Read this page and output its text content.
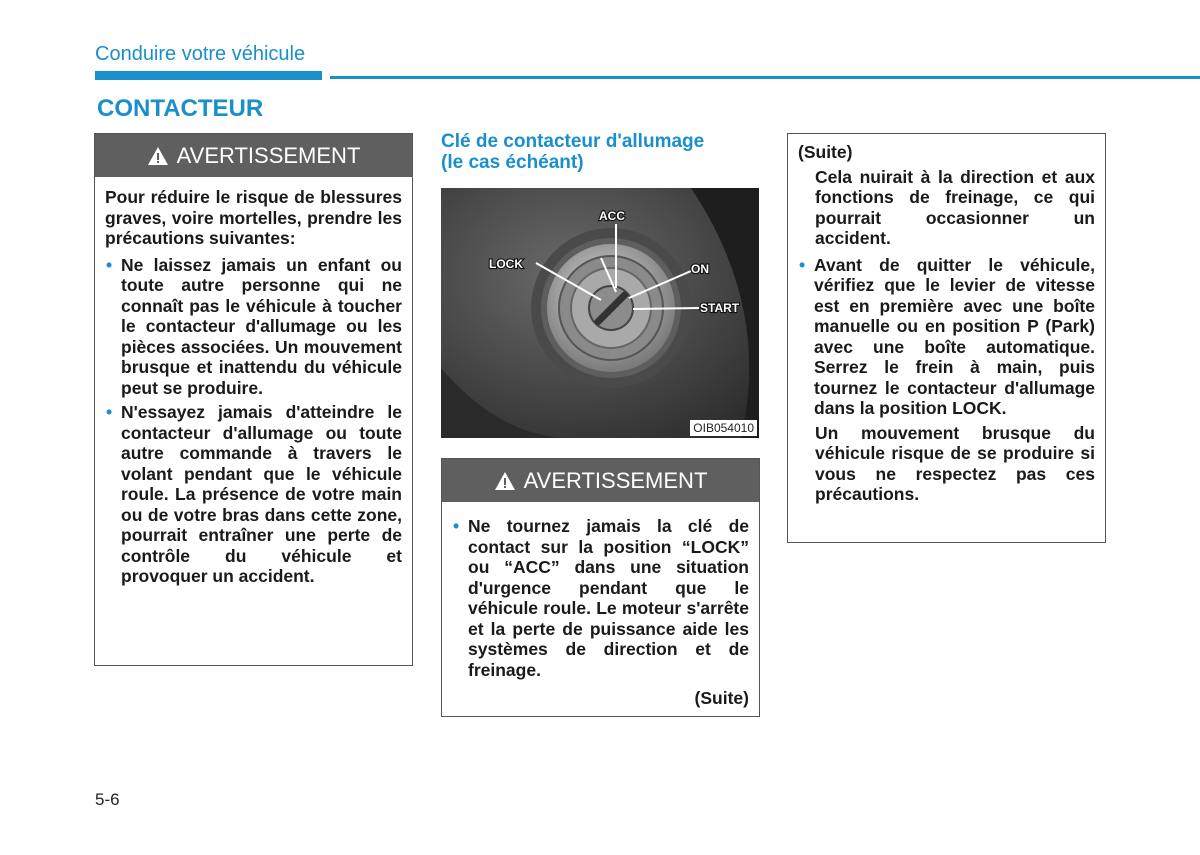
Conduire votre véhicule
CONTACTEUR
AVERTISSEMENT

Pour réduire le risque de blessures graves, voire mortelles, prendre les précautions suivantes:

• Ne laissez jamais un enfant ou toute autre personne qui ne connaît pas le véhicule à toucher le contacteur d'allumage ou les pièces associées. Un mouvement brusque et inattendu du véhicule peut se produire.
• N'essayez jamais d'atteindre le contacteur d'allumage ou toute autre commande à travers le volant pendant que le véhicule roule. La présence de votre main ou de votre bras dans cette zone, pourrait entraîner une perte de contrôle du véhicule et provoquer un accident.
Clé de contacteur d'allumage
(le cas échéant)
ACC
LOCK	ON
START
OIB054010
AVERTISSEMENT
• Ne tournez jamais la clé de contact sur la position “LOCK” ou “ACC” dans une situation d'urgence pendant que le véhicule roule. Le moteur s'arrête et la perte de puissance aide les systèmes de direction et de freinage.
(Suite)
(Suite)

Cela nuirait à la direction et aux fonctions de freinage, ce qui pourrait occasionner un accident.

• Avant de quitter le véhicule, vérifiez que le levier de vitesse est en première avec une boîte manuelle ou en position P (Park) avec une boîte automatique. Serrez le frein à main, puis tournez le contacteur d'allumage dans la position LOCK.

Un mouvement brusque du véhicule risque de se produire si vous ne respectez pas ces précautions.

5-6
